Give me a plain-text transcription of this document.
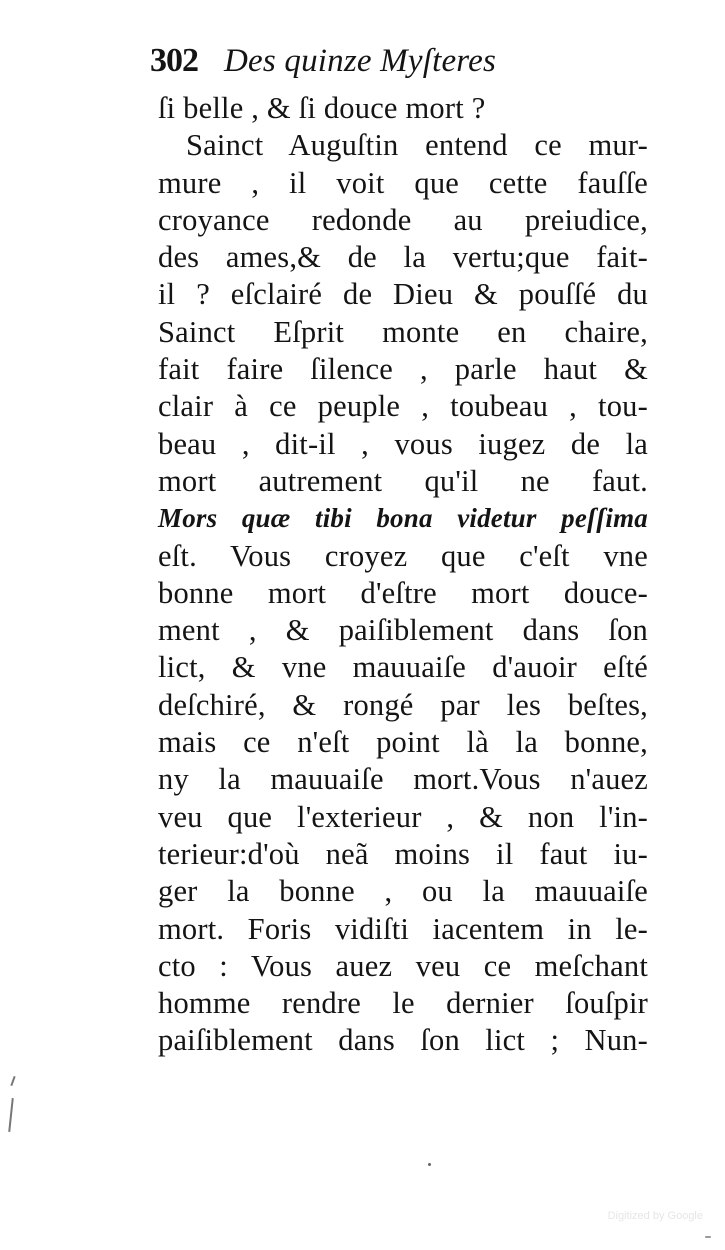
302 Des quinze Myſteres
ſi belle , & ſi douce mort ?
Sainct Auguſtin entend ce mur-
mure , il voit que cette fauſſe
croyance redonde au preiudice,
des ames,& de la vertu;que fait-
il ? eſclairé de Dieu & pouſſé du
Sainct Eſprit monte en chaire,
fait faire ſilence , parle haut &
clair à ce peuple , toubeau , tou-
beau , dit-il , vous iugez de la
mort autrement qu'il ne faut.
Mors quæ tibi bona videtur peſſima
eſt. Vous croyez que c'eſt vne
bonne mort d'eſtre mort douce-
ment , & paiſiblement dans ſon
lict, & vne mauuaiſe d'auoir eſté
deſchiré, & rongé par les beſtes,
mais ce n'eſt point là la bonne,
ny la mauuaiſe mort.Vous n'auez
veu que l'exterieur , & non l'in-
terieur:d'où neã moins il faut iu-
ger la bonne , ou la mauuaiſe
mort. Foris vidiſti iacentem in le-
cto : Vous auez veu ce meſchant
homme rendre le dernier ſouſpir
paiſiblement dans ſon lict ; Nun-
Digitized by Google
